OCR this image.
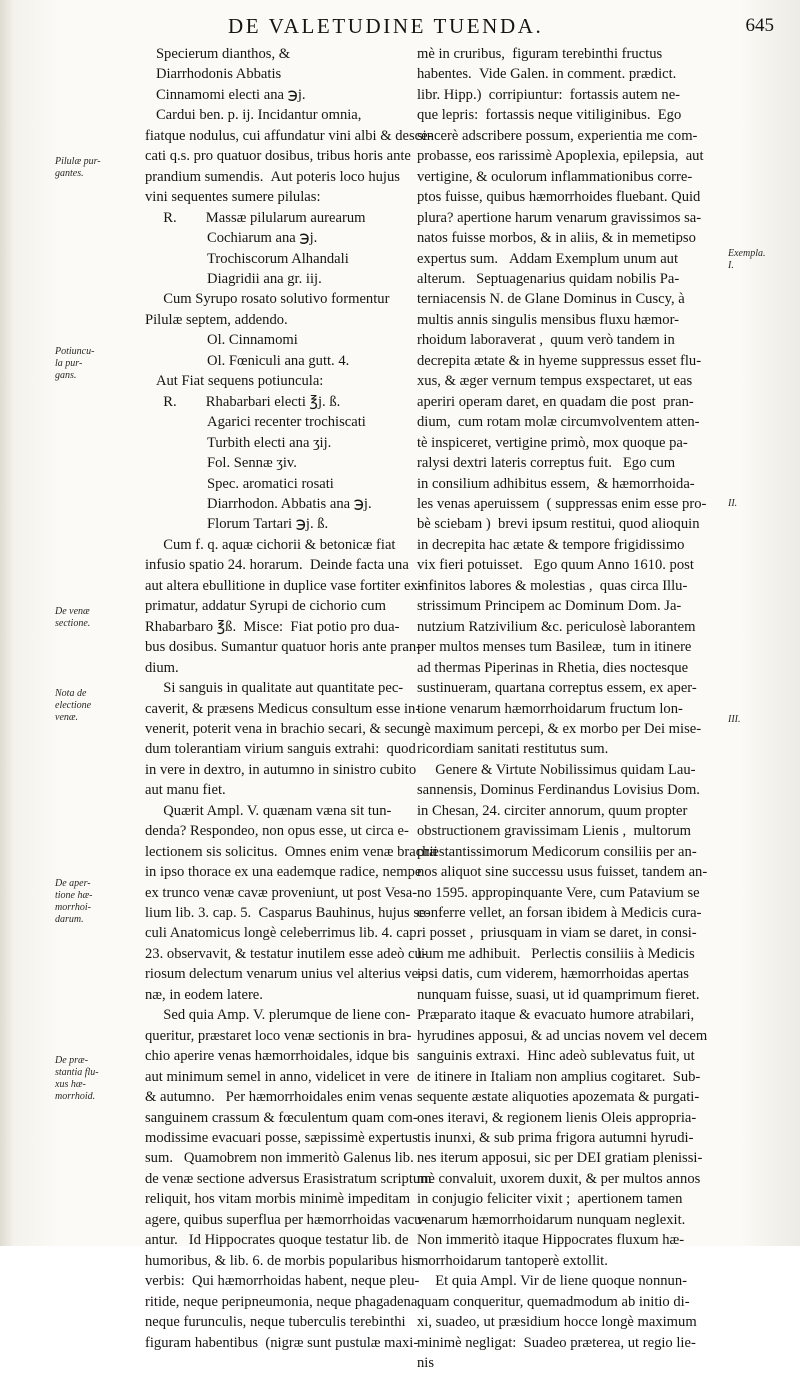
DE VALETUDINE TUENDA.	645

Specierum dianthos, &

Diarrhodonis Abbatis

Cinnamomi electi ana ℈j.

Cardui ben. p. ij. Incidantur omnia,

fiatque nodulus, cui affundatur vini albi & desce-

cati q.s. pro quatuor dosibus, tribus horis ante

prandium sumendis.  Aut poteris loco hujus

vini sequentes sumere pilulas:

R.        Massæ pilularum aurearum

Cochiarum ana ℈j.

Trochiscorum Alhandali

Diagridii ana gr. iij.

Cum Syrupo rosato solutivo formentur

Pilulæ septem, addendo.

Ol. Cinnamomi

Ol. Fœniculi ana gutt. 4.

Aut Fiat sequens potiuncula:

R.        Rhabarbari electi ℥j. ß.

Agarici recenter trochiscati

Turbith electi ana ʒij.

Fol. Sennæ ʒiv.

Spec. aromatici rosati

Diarrhodon. Abbatis ana ℈j.

Florum Tartari ℈j. ß.

Cum f. q. aquæ cichorii & betonicæ fiat

infusio spatio 24. horarum.  Deinde facta una

aut altera ebullitione in duplice vase fortiter ex-

primatur, addatur Syrupi de cichorio cum

Rhabarbaro ℥ß.  Misce:  Fiat potio pro dua-

bus dosibus. Sumantur quatuor horis ante pran-

dium.

Si sanguis in qualitate aut quantitate pec-

caverit, & præsens Medicus consultum esse in-

venerit, poterit vena in brachio secari, & secun-

dum tolerantiam virium sanguis extrahi:  quod

in vere in dextro, in autumno in sinistro cubito

aut manu fiet.

Quærit Ampl. V. quænam væna sit tun-

denda? Respondeo, non opus esse, ut circa e-

lectionem sis solicitus.  Omnes enim venæ brachii

in ipso thorace ex una eademque radice, nempe

ex trunco venæ cavæ proveniunt, ut post Vesa-

lium lib. 3. cap. 5.  Casparus Bauhinus, hujus se-

culi Anatomicus longè celeberrimus lib. 4. cap.

23. observavit, & testatur inutilem esse adeò cu-

riosum delectum venarum unius vel alterius ve-

næ, in eodem latere.

Sed quia Amp. V. plerumque de liene con-

queritur, præstaret loco venæ sectionis in bra-

chio aperire venas hæmorrhoidales, idque bis

aut minimum semel in anno, videlicet in vere

& autumno.   Per hæmorrhoidales enim venas

sanguinem crassum & fœculentum quam com-

modissime evacuari posse, sæpissimè expertus

sum.   Quamobrem non immeritò Galenus lib.

de venæ sectione adversus Erasistratum scriptum

reliquit, hos vitam morbis minimè impeditam

agere, quibus superflua per hæmorrhoidas vacu-

antur.   Id Hippocrates quoque testatur lib. de

humoribus, & lib. 6. de morbis popularibus his

verbis:  Qui hæmorrhoidas habent, neque pleu-

ritide, neque peripneumonia, neque phagadena,

neque furunculis, neque tuberculis terebinthi

figuram habentibus  (nigræ sunt pustulæ maxi-

mè in cruribus,  figuram terebinthi fructus

habentes.  Vide Galen. in comment. prædict.

libr. Hipp.)  corripiuntur:  fortassis autem ne-

que lepris:  fortassis neque vitiliginibus.  Ego

sincerè adscribere possum, experientia me com-

probasse, eos rarissimè Apoplexia, epilepsia,  aut

vertigine, & oculorum inflammationibus corre-

ptos fuisse, quibus hæmorrhoides fluebant. Quid

plura? apertione harum venarum gravissimos sa-

natos fuisse morbos, & in aliis, & in memetipso

expertus sum.   Addam Exemplum unum aut

alterum.   Septuagenarius quidam nobilis Pa-

terniacensis N. de Glane Dominus in Cuscy, à

multis annis singulis mensibus fluxu hæmor-

rhoidum laboraverat ,  quum verò tandem in

decrepita ætate & in hyeme suppressus esset flu-

xus, & æger vernum tempus exspectaret, ut eas

aperiri operam daret, en quadam die post  pran-

dium,  cum rotam molæ circumvolventem atten-

tè inspiceret, vertigine primò, mox quoque pa-

ralysi dextri lateris correptus fuit.   Ego cum

in consilium adhibitus essem,  & hæmorrhoida-

les venas aperuissem  ( suppressas enim esse pro-

bè sciebam )  brevi ipsum restitui, quod alioquin

in decrepita hac ætate & tempore frigidissimo

vix fieri potuisset.   Ego quum Anno 1610. post

infinitos labores & molestias ,  quas circa Illu-

strissimum Principem ac Dominum Dom. Ja-

nutzium Ratzivilium &c. periculosè laborantem

per multos menses tum Basileæ,  tum in itinere

ad thermas Piperinas in Rhetia, dies noctesque

sustinueram, quartana correptus essem, ex aper-

tione venarum hæmorrhoidarum fructum lon-

gè maximum percepi, & ex morbo per Dei mise-

ricordiam sanitati restitutus sum.

Genere & Virtute Nobilissimus quidam Lau-

sannensis, Dominus Ferdinandus Lovisius Dom.

in Chesan, 24. circiter annorum, quum propter

obstructionem gravissimam Lienis ,  multorum

præstantissimorum Medicorum consiliis per an-

nos aliquot sine successu usus fuisset, tandem an-

no 1595. appropinquante Vere, cum Patavium se

conferre vellet, an forsan ibidem à Medicis cura-

ri posset ,  priusquam in viam se daret, in consi-

lium me adhibuit.   Perlectis consiliis à Medicis

ipsi datis, cum viderem, hæmorrhoidas apertas

nunquam fuisse, suasi, ut id quamprimum fieret.

Præparato itaque & evacuato humore atrabilari,

hyrudines apposui, & ad uncias novem vel decem

sanguinis extraxi.  Hinc adeò sublevatus fuit, ut

de itinere in Italiam non amplius cogitaret.  Sub-

sequente æstate aliquoties apozemata & purgati-

ones iteravi, & regionem lienis Oleis appropria-

tis inunxi, & sub prima frigora autumni hyrudi-

nes iterum apposui, sic per DEI gratiam plenissi-

mè convaluit, uxorem duxit, & per multos annos

in conjugio feliciter vixit ;  apertionem tamen

venarum hæmorrhoidarum nunquam neglexit.

Non immeritò itaque Hippocrates fluxum hæ-

morrhoidarum tantoperè extollit.

Et quia Ampl. Vir de liene quoque nonnun-

quam conqueritur, quemadmodum ab initio di-

xi, suadeo, ut præsidium hocce longè maximum

minimè negligat:  Suadeo præterea, ut regio lie-

nis

Pilulæ pur-
gantes.
Potiuncu-
la pur-
gans.
De venæ
sectione.
Nota de
electione
venæ.
De aper-
tione hæ-
morrhoi-
darum.
De præ-
stantia flu-
xus hæ-
morrhoid.
Exempla.
I.
II.
III.
